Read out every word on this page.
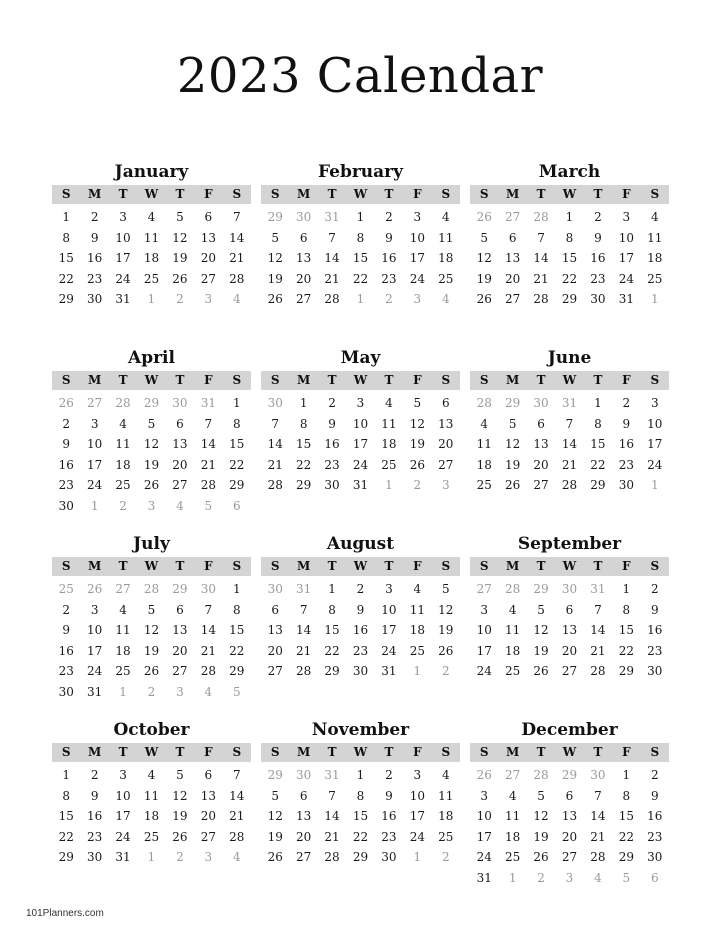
2023 Calendar
January
S	M	T	W	T	F	S
1	2	3	4	5	6	7
8	9	10	11	12	13	14
15	16	17	18	19	20	21
22	23	24	25	26	27	28
29	30	31	1	2	3	4
February
S	M	T	W	T	F	S
29	30	31	1	2	3	4
5	6	7	8	9	10	11
12	13	14	15	16	17	18
19	20	21	22	23	24	25
26	27	28	1	2	3	4
March
S	M	T	W	T	F	S
26	27	28	1	2	3	4
5	6	7	8	9	10	11
12	13	14	15	16	17	18
19	20	21	22	23	24	25
26	27	28	29	30	31	1
April
S	M	T	W	T	F	S
26	27	28	29	30	31	1
2	3	4	5	6	7	8
9	10	11	12	13	14	15
16	17	18	19	20	21	22
23	24	25	26	27	28	29
30	1	2	3	4	5	6
May
S	M	T	W	T	F	S
30	1	2	3	4	5	6
7	8	9	10	11	12	13
14	15	16	17	18	19	20
21	22	23	24	25	26	27
28	29	30	31	1	2	3
June
S	M	T	W	T	F	S
28	29	30	31	1	2	3
4	5	6	7	8	9	10
11	12	13	14	15	16	17
18	19	20	21	22	23	24
25	26	27	28	29	30	1
July
S	M	T	W	T	F	S
25	26	27	28	29	30	1
2	3	4	5	6	7	8
9	10	11	12	13	14	15
16	17	18	19	20	21	22
23	24	25	26	27	28	29
30	31	1	2	3	4	5
August
S	M	T	W	T	F	S
30	31	1	2	3	4	5
6	7	8	9	10	11	12
13	14	15	16	17	18	19
20	21	22	23	24	25	26
27	28	29	30	31	1	2
September
S	M	T	W	T	F	S
27	28	29	30	31	1	2
3	4	5	6	7	8	9
10	11	12	13	14	15	16
17	18	19	20	21	22	23
24	25	26	27	28	29	30
October
S	M	T	W	T	F	S
1	2	3	4	5	6	7
8	9	10	11	12	13	14
15	16	17	18	19	20	21
22	23	24	25	26	27	28
29	30	31	1	2	3	4
November
S	M	T	W	T	F	S
29	30	31	1	2	3	4
5	6	7	8	9	10	11
12	13	14	15	16	17	18
19	20	21	22	23	24	25
26	27	28	29	30	1	2
December
S	M	T	W	T	F	S
26	27	28	29	30	1	2
3	4	5	6	7	8	9
10	11	12	13	14	15	16
17	18	19	20	21	22	23
24	25	26	27	28	29	30
31	1	2	3	4	5	6
101Planners.com
